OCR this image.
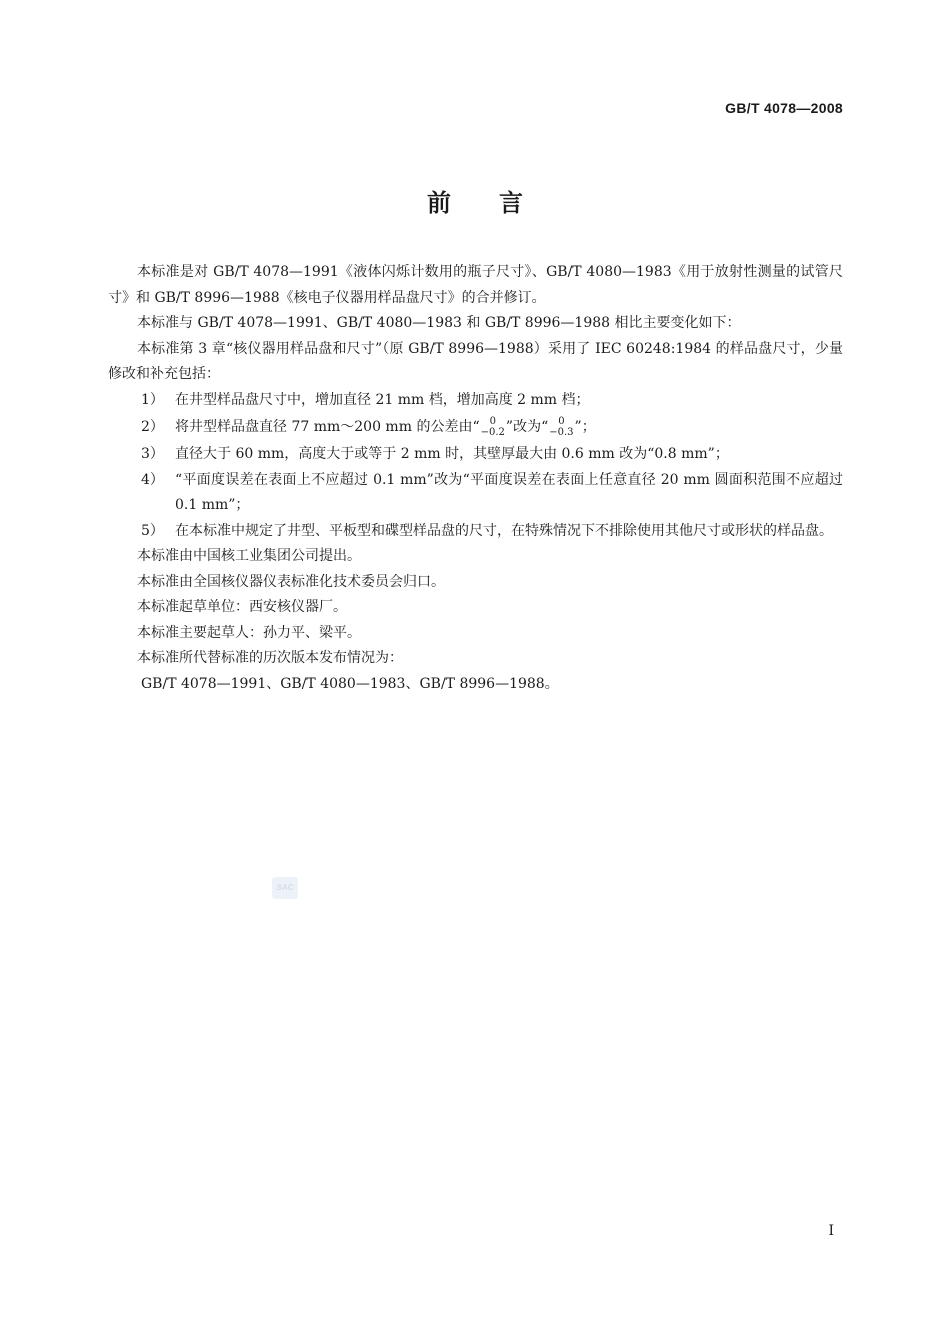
GB/T 4078—2008
前言

本标准是对 GB/T 4078—1991《液体闪烁计数用的瓶子尺寸》、GB/T 4080—1983《用于放射性测量的试管尺寸》和 GB/T 8996—1988《核电子仪器用样品盘尺寸》的合并修订。

本标准与 GB/T 4078—1991、GB/T 4080—1983 和 GB/T 8996—1988 相比主要变化如下：

本标准第 3 章“核仪器用样品盘和尺寸”（原 GB/T 8996—1988）采用了 IEC 60248:1984 的样品盘尺寸，少量修改和补充包括：

1） 在井型样品盘尺寸中，增加直径 21 mm 档，增加高度 2 mm 档；
2） 将井型样品盘直径 77 mm～200 mm 的公差由“ 0
−0.2 ”改为“ 0
−0.3 ”；
3） 直径大于 60 mm，高度大于或等于 2 mm 时，其壁厚最大由 0.6 mm 改为“0.8 mm”；
4） “平面度误差在表面上不应超过 0.1 mm”改为“平面度误差在表面上任意直径 20 mm 圆面积范围不应超过 0.1 mm”；
5） 在本标准中规定了井型、平板型和碟型样品盘的尺寸，在特殊情况下不排除使用其他尺寸或形状的样品盘。

本标准由中国核工业集团公司提出。

本标准由全国核仪器仪表标准化技术委员会归口。

本标准起草单位：西安核仪器厂。

本标准主要起草人：孙力平、梁平。

本标准所代替标准的历次版本发布情况为：

GB/T 4078—1991、GB/T 4080—1983、GB/T 8996—1988。

SAC
I
